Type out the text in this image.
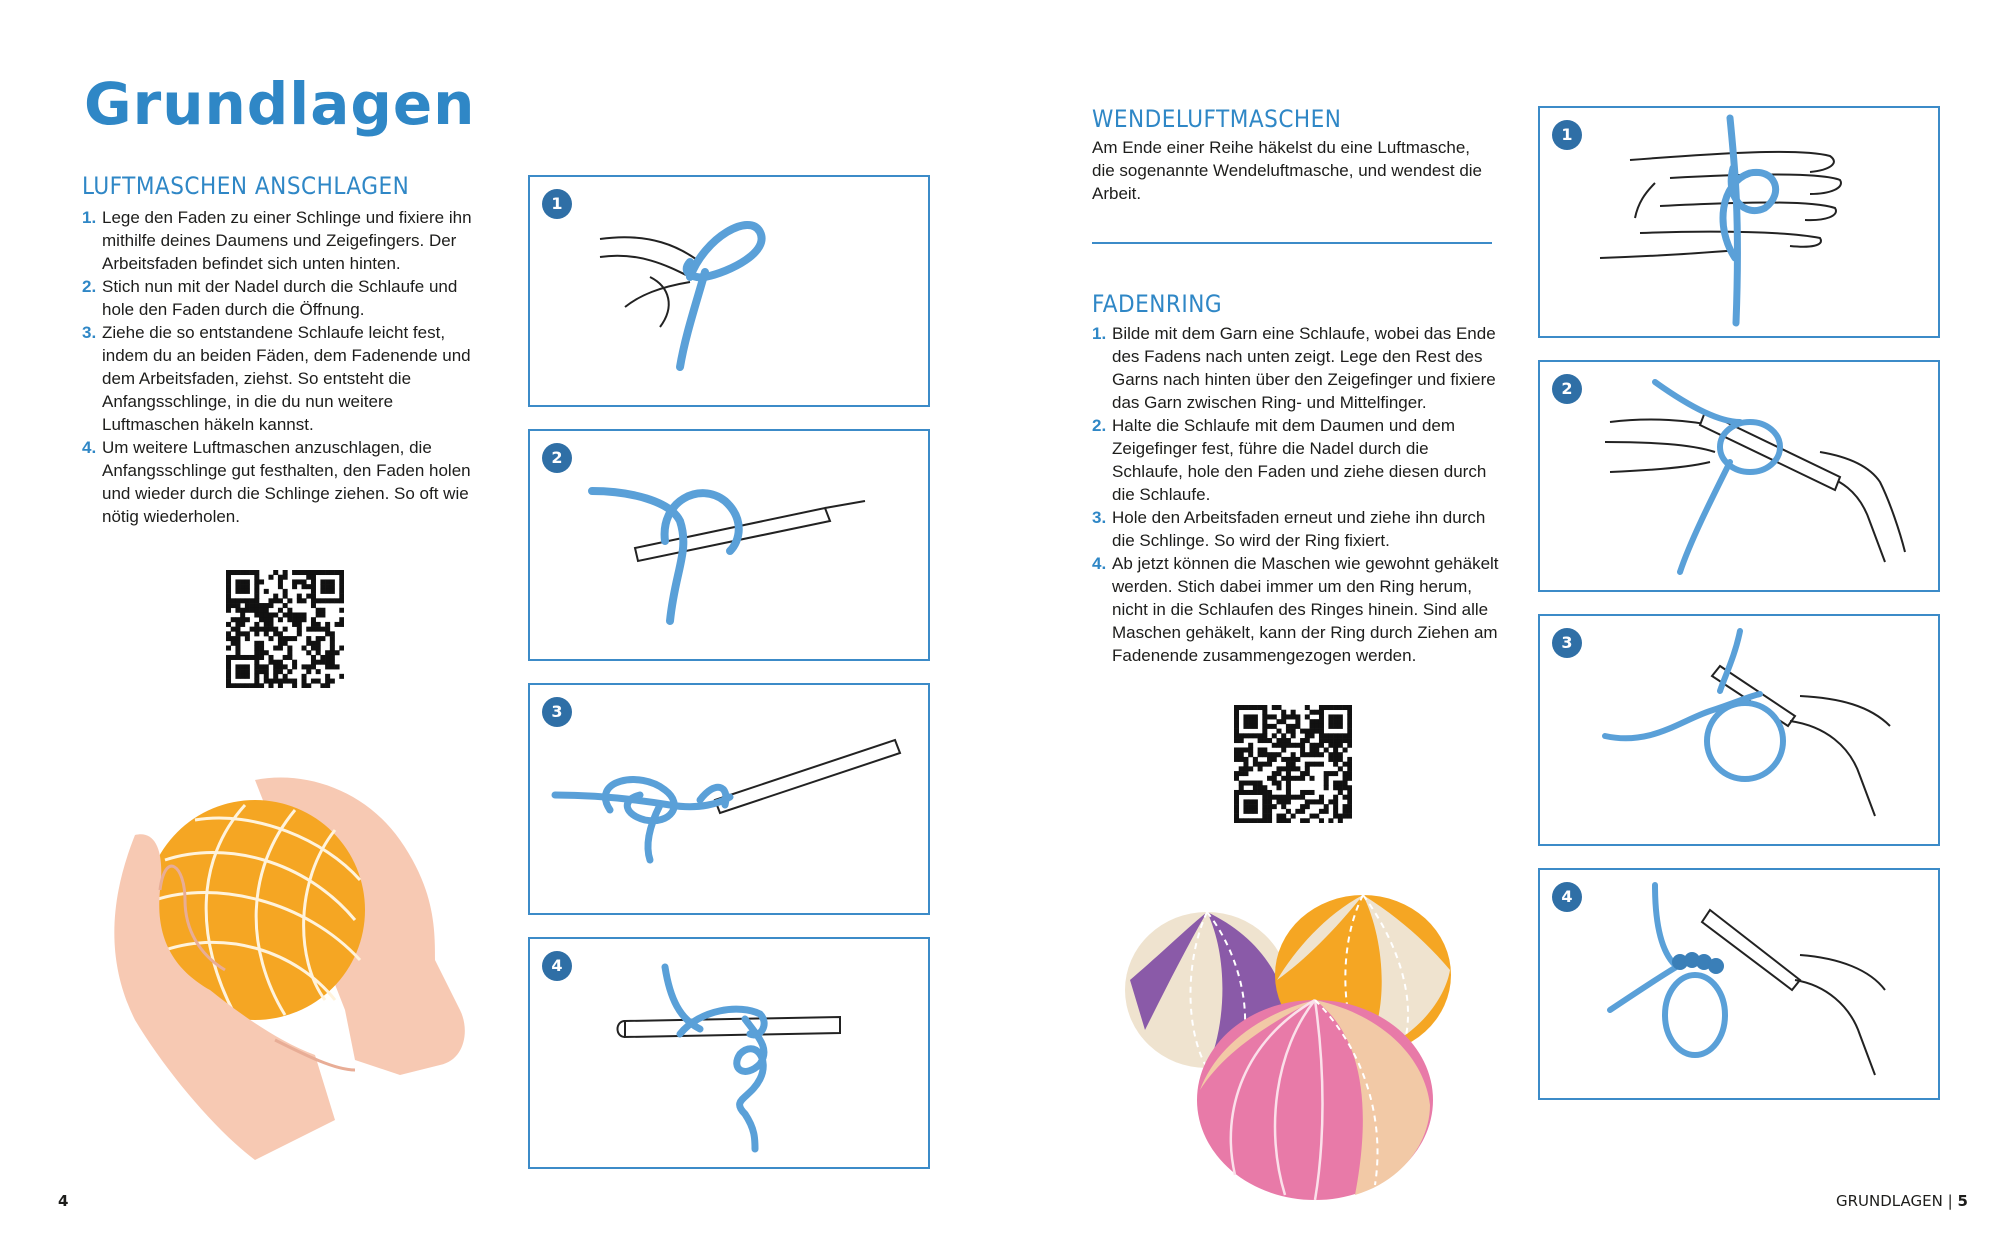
Grundlagen
LUFTMASCHEN ANSCHLAGEN
1. Lege den Faden zu einer Schlinge und fixiere ihn mithilfe deines Daumens und Zeigefingers. Der Arbeitsfaden befindet sich unten hinten.
2. Stich nun mit der Nadel durch die Schlaufe und hole den Faden durch die Öffnung.
3. Ziehe die so entstandene Schlaufe leicht fest, indem du an beiden Fäden, dem Fadenende und dem Arbeitsfaden, ziehst. So entsteht die Anfangsschlinge, in die du nun weitere Luftmaschen häkeln kannst.
4. Um weitere Luftmaschen anzuschlagen, die Anfangsschlinge gut festhalten, den Faden holen und wieder durch die Schlinge ziehen. So oft wie nötig wiederholen.
1
2
3
4
4
WENDELUFTMASCHEN

Am Ende einer Reihe häkelst du eine Luftmasche, die sogenannte Wendeluftmasche, und wendest die Arbeit.

FADENRING
1. Bilde mit dem Garn eine Schlaufe, wobei das Ende des Fadens nach unten zeigt. Lege den Rest des Garns nach hinten über den Zeigefinger und fixiere das Garn zwischen Ring- und Mittelfinger.
2. Halte die Schlaufe mit dem Daumen und dem Zeigefinger fest, führe die Nadel durch die Schlaufe, hole den Faden und ziehe diesen durch die Schlaufe.
3. Hole den Arbeitsfaden erneut und ziehe ihn durch die Schlinge. So wird der Ring fixiert.
4. Ab jetzt können die Maschen wie gewohnt gehäkelt werden. Stich dabei immer um den Ring herum, nicht in die Schlaufen des Ringes hinein. Sind alle Maschen gehäkelt, kann der Ring durch Ziehen am Fadenende zusammengezogen werden.
1
2
3
4
GRUNDLAGEN | 5
